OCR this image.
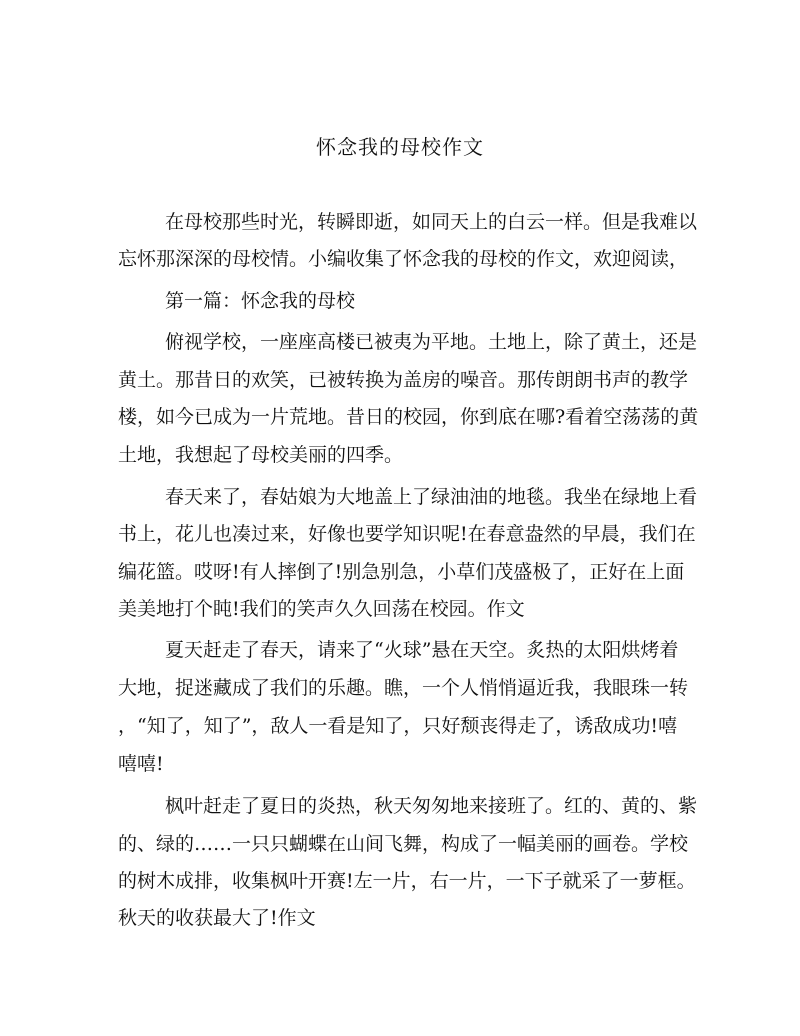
怀念我的母校作文
在母校那些时光，转瞬即逝，如同天上的白云一样。但是我难以
忘怀那深深的母校情。小编收集了怀念我的母校的作文，欢迎阅读，
第一篇：怀念我的母校
俯视学校，一座座高楼已被夷为平地。土地上，除了黄土，还是
黄土。那昔日的欢笑，已被转换为盖房的噪音。那传朗朗书声的教学
楼，如今已成为一片荒地。昔日的校园，你到底在哪?看着空荡荡的黄
土地，我想起了母校美丽的四季。
春天来了，春姑娘为大地盖上了绿油油的地毯。我坐在绿地上看
书上，花儿也凑过来，好像也要学知识呢!在春意盎然的早晨，我们在
编花篮。哎呀!有人摔倒了!别急别急，小草们茂盛极了，正好在上面
美美地打个盹!我们的笑声久久回荡在校园。作文
夏天赶走了春天，请来了“火球”悬在天空。炙热的太阳烘烤着
大地，捉迷藏成了我们的乐趣。瞧，一个人悄悄逼近我，我眼珠一转
，“知了，知了”，敌人一看是知了，只好颓丧得走了，诱敌成功!嘻
嘻嘻!
枫叶赶走了夏日的炎热，秋天匆匆地来接班了。红的、黄的、紫
的、绿的……一只只蝴蝶在山间飞舞，构成了一幅美丽的画卷。学校
的树木成排，收集枫叶开赛!左一片，右一片，一下子就采了一萝框。
秋天的收获最大了!作文
